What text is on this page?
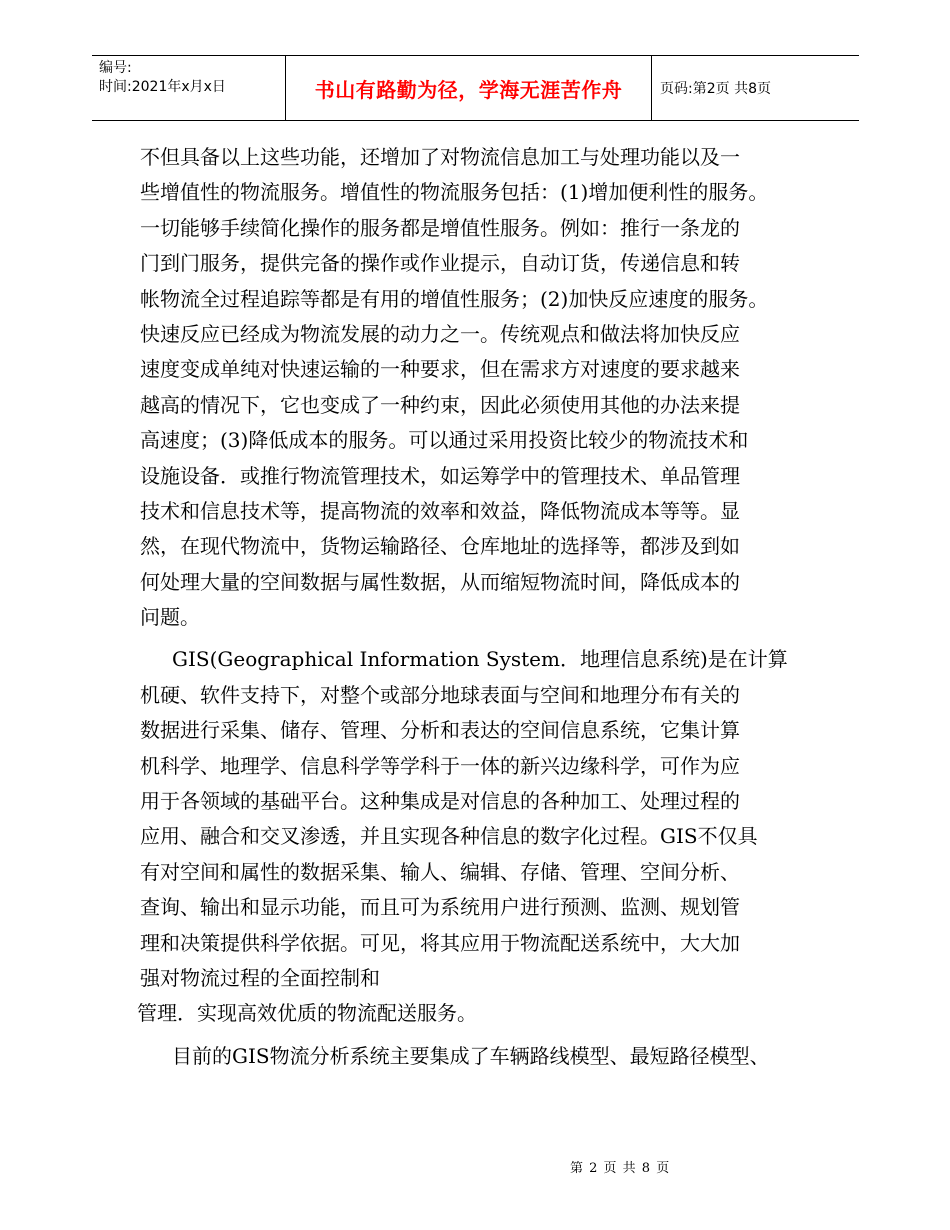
编号:
时间:2021年x月x日	书山有路勤为径，学海无涯苦作舟	页码:第2页 共8页
不但具备以上这些功能，还增加了对物流信息加工与处理功能以及一
些增值性的物流服务。增值性的物流服务包括：(1)增加便利性的服务。
一切能够手续简化操作的服务都是增值性服务。例如：推行一条龙的
门到门服务，提供完备的操作或作业提示，自动订货，传递信息和转
帐物流全过程追踪等都是有用的增值性服务；(2)加快反应速度的服务。
快速反应已经成为物流发展的动力之一。传统观点和做法将加快反应
速度变成单纯对快速运输的一种要求，但在需求方对速度的要求越来
越高的情况下，它也变成了一种约束，因此必须使用其他的办法来提
高速度；(3)降低成本的服务。可以通过采用投资比较少的物流技术和
设施设备．或推行物流管理技术，如运筹学中的管理技术、单品管理
技术和信息技术等，提高物流的效率和效益，降低物流成本等等。显
然，在现代物流中，货物运输路径、仓库地址的选择等，都涉及到如
何处理大量的空间数据与属性数据，从而缩短物流时间，降低成本的
问题。
GIS(Geographical Information System．地理信息系统)是在计算
机硬、软件支持下，对整个或部分地球表面与空间和地理分布有关的
数据进行采集、储存、管理、分析和表达的空间信息系统，它集计算
机科学、地理学、信息科学等学科于一体的新兴边缘科学，可作为应
用于各领域的基础平台。这种集成是对信息的各种加工、处理过程的
应用、融合和交叉渗透，并且实现各种信息的数字化过程。GIS不仅具
有对空间和属性的数据采集、输人、编辑、存储、管理、空间分析、
查询、输出和显示功能，而且可为系统用户进行预测、监测、规划管
理和决策提供科学依据。可见，将其应用于物流配送系统中，大大加
强对物流过程的全面控制和
管理．实现高效优质的物流配送服务。
目前的GIS物流分析系统主要集成了车辆路线模型、最短路径模型、
第 2 页 共 8 页
